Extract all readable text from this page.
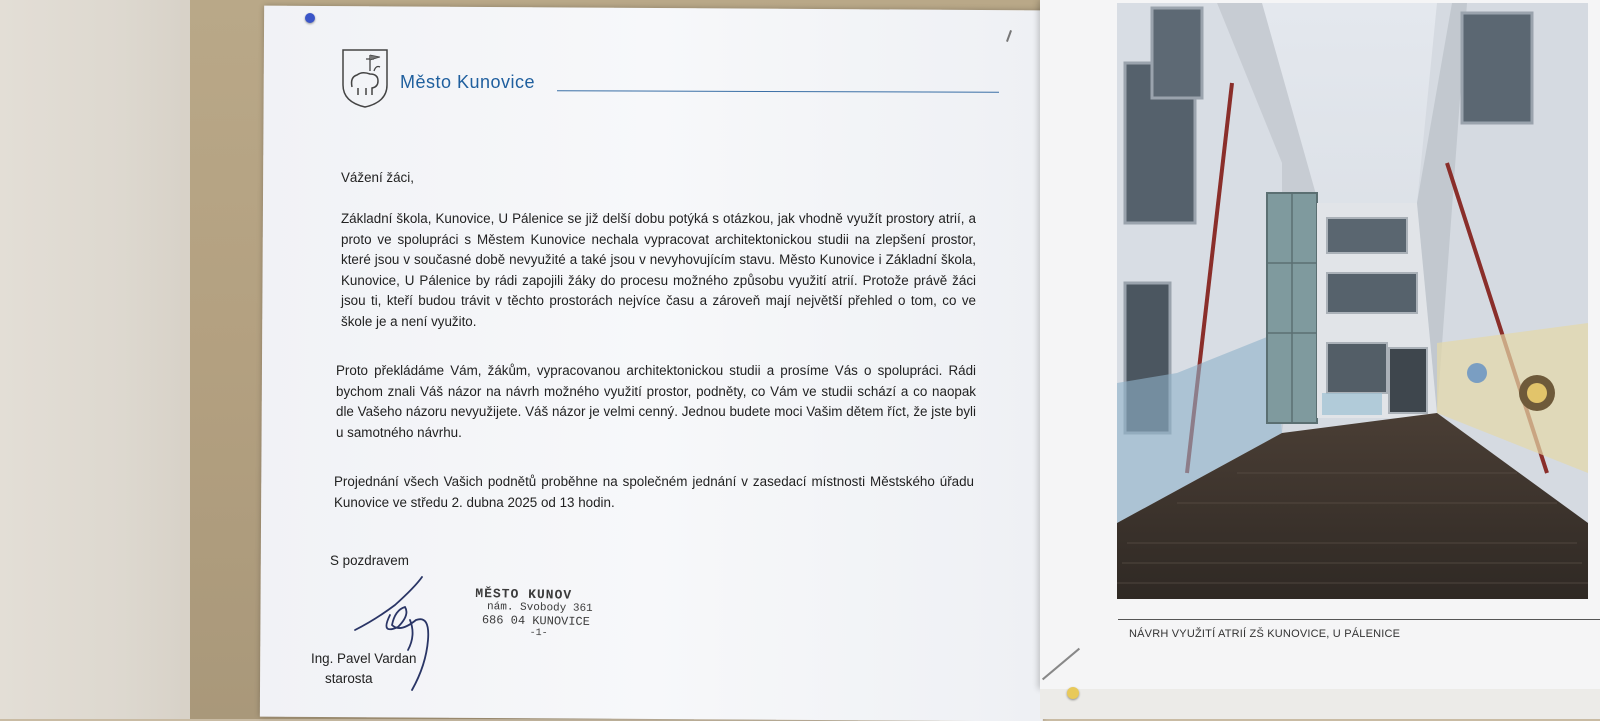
Město Kunovice
Vážení žáci,
Základní škola, Kunovice, U Pálenice se již delší dobu potýká s otázkou, jak vhodně využít prostory atrií, a proto ve spolupráci s Městem Kunovice nechala vypracovat architektonickou studii na zlepšení prostor, které jsou v současné době nevyužité a také jsou v nevyhovujícím stavu. Město Kunovice i Základní škola, Kunovice, U Pálenice by rádi zapojili žáky do procesu možného způsobu využití atrií. Protože právě žáci jsou ti, kteří budou trávit v těchto prostorách nejvíce času a zároveň mají největší přehled o tom, co ve škole je a není využito.
Proto překládáme Vám, žákům, vypracovanou architektonickou studii a prosíme Vás o spolupráci. Rádi bychom znali Váš názor na návrh možného využití prostor, podněty, co Vám ve studii schází a co naopak dle Vašeho názoru nevyužijete. Váš názor je velmi cenný. Jednou budete moci Vašim dětem říct, že jste byli u samotného návrhu.
Projednání všech Vašich podnětů proběhne na společném jednání v zasedací místnosti Městského úřadu Kunovice ve středu 2. dubna 2025 od 13 hodin.
S pozdravem
MĚSTO KUNOV
nám. Svobody 361
686 04 KUNOVICE
-1-
Ing. Pavel Vardan
starosta
NÁVRH VYUŽITÍ ATRIÍ ZŠ KUNOVICE, U PÁLENICE
